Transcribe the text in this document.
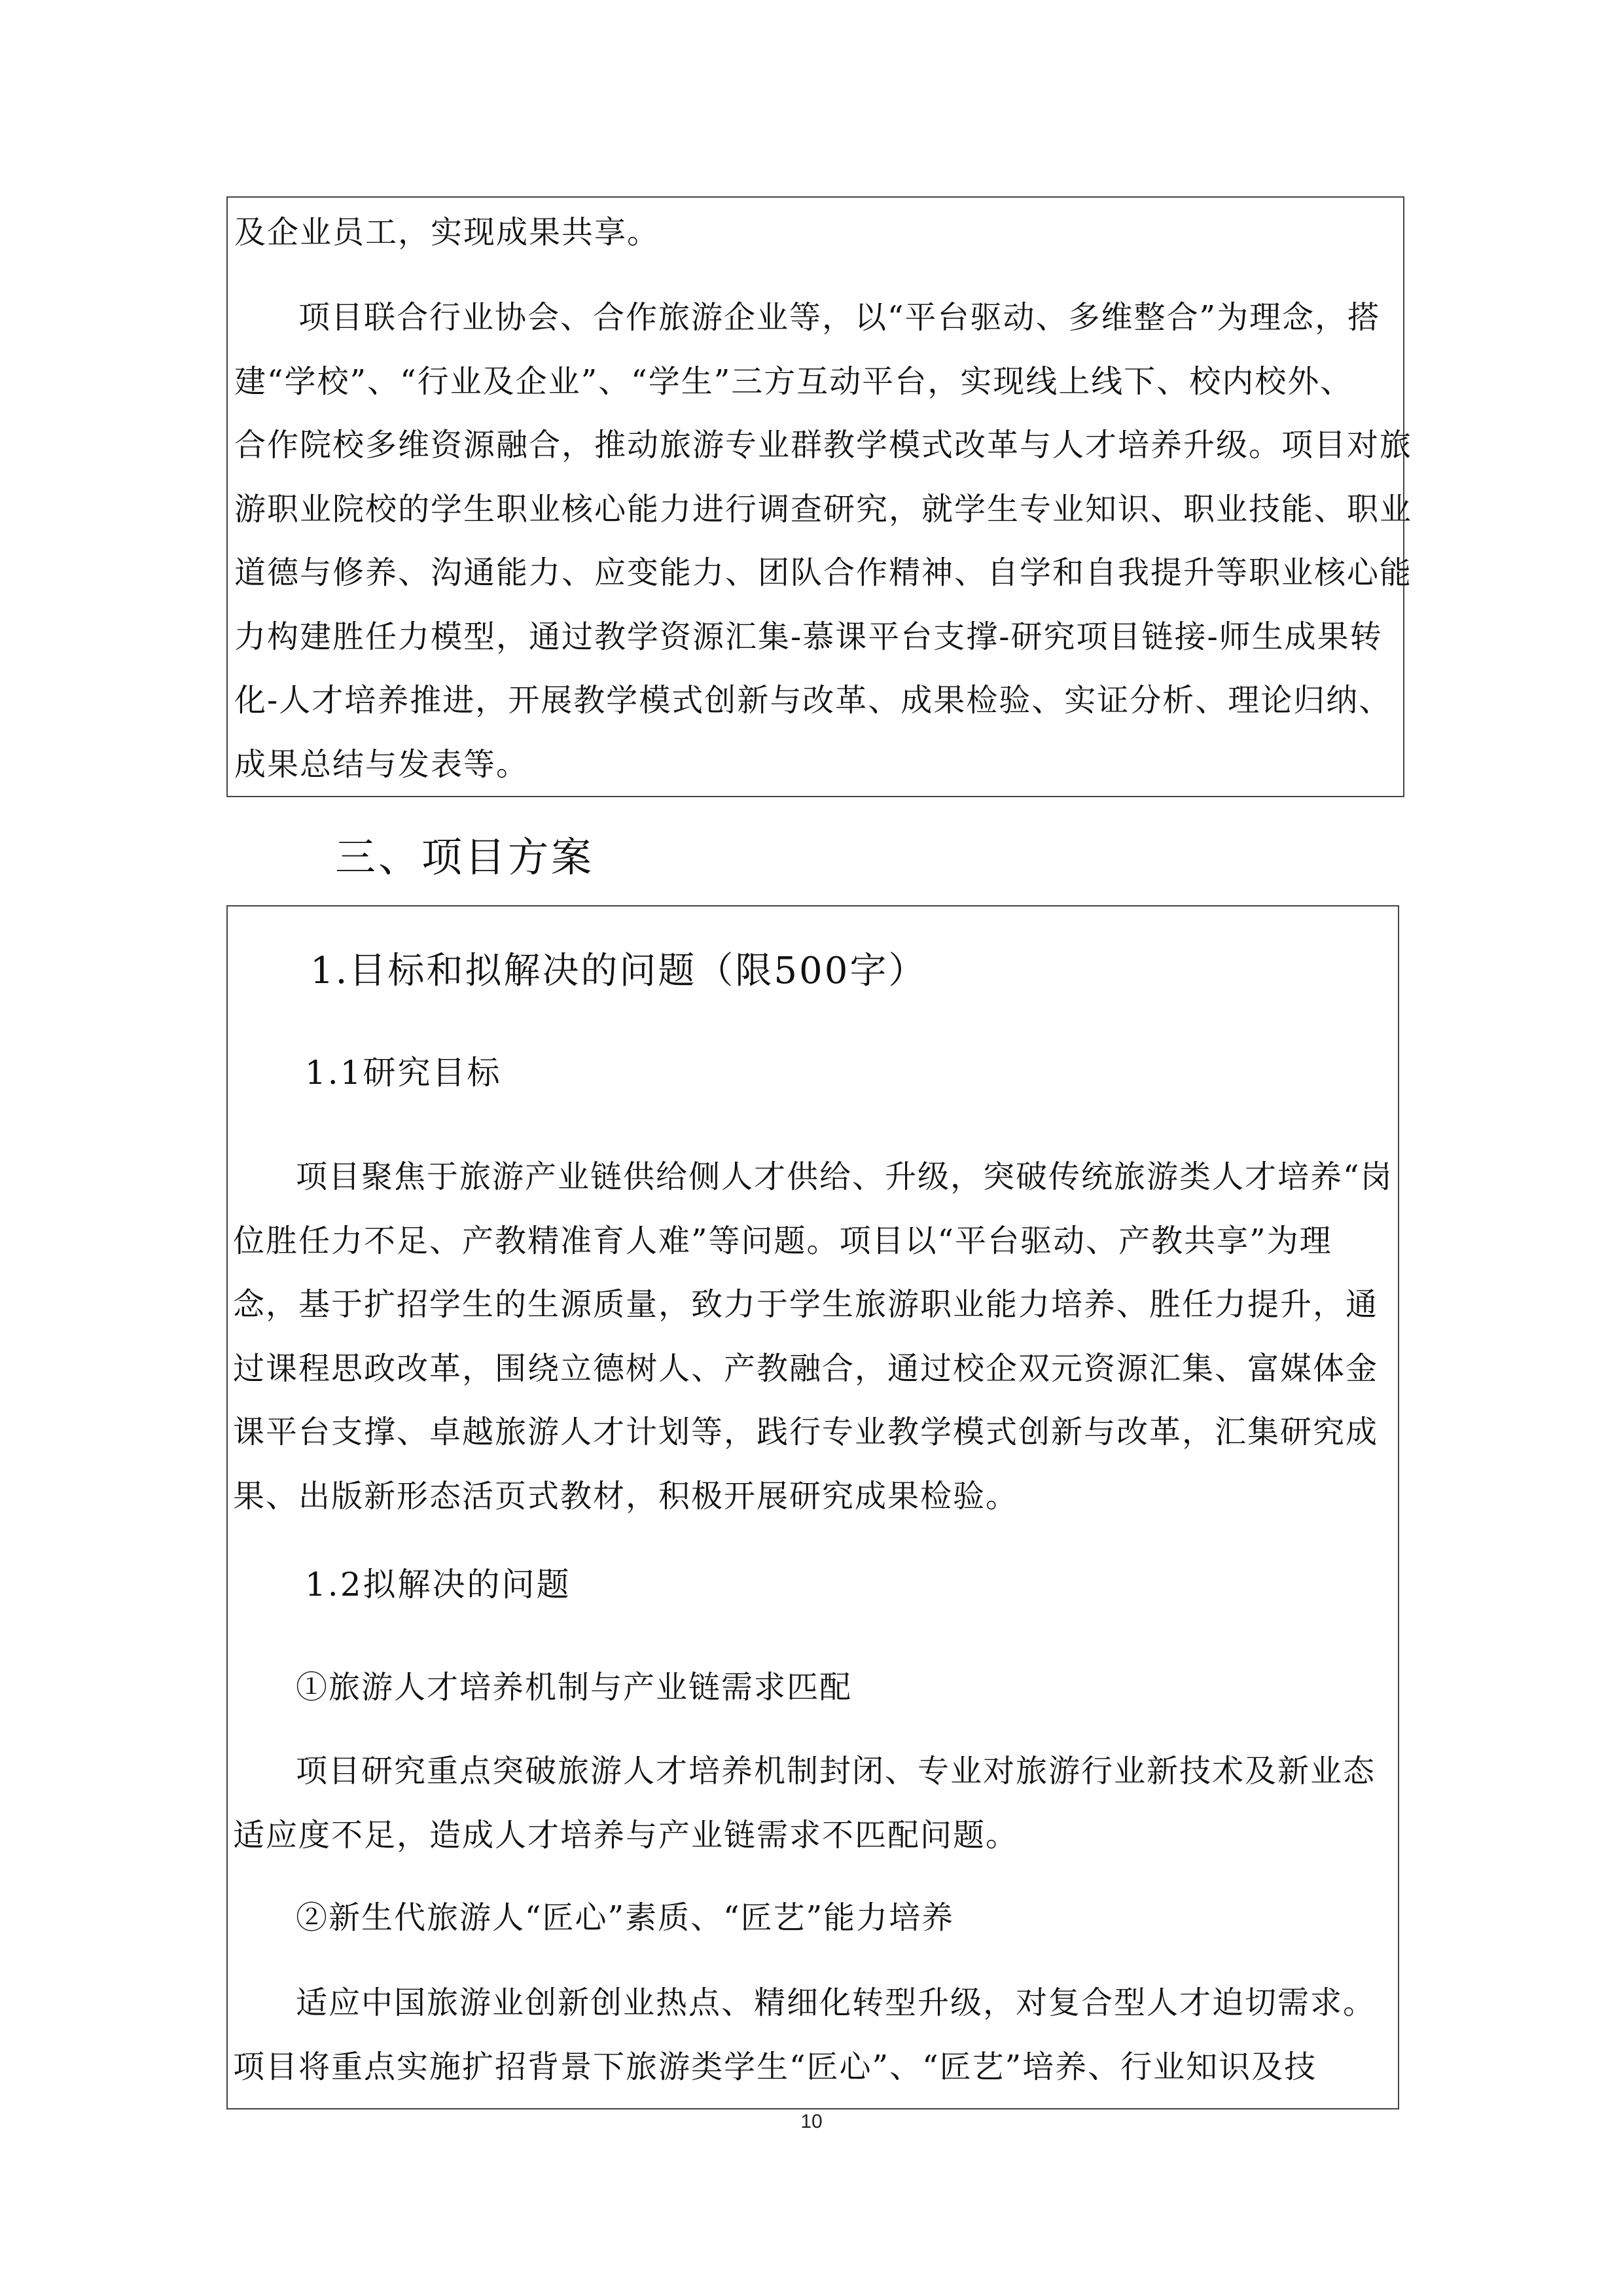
及企业员工，实现成果共享。
项目联合行业协会、合作旅游企业等，以“平台驱动、多维整合”为理念，搭
建“学校”、“行业及企业”、“学生”三方互动平台，实现线上线下、校内校外、
合作院校多维资源融合，推动旅游专业群教学模式改革与人才培养升级。项目对旅
游职业院校的学生职业核心能力进行调查研究，就学生专业知识、职业技能、职业
道德与修养、沟通能力、应变能力、团队合作精神、自学和自我提升等职业核心能
力构建胜任力模型，通过教学资源汇集-慕课平台支撑-研究项目链接-师生成果转
化-人才培养推进，开展教学模式创新与改革、成果检验、实证分析、理论归纳、
成果总结与发表等。
三、项目方案
1.目标和拟解决的问题（限500字）
1.1研究目标
项目聚焦于旅游产业链供给侧人才供给、升级，突破传统旅游类人才培养“岗
位胜任力不足、产教精准育人难”等问题。项目以“平台驱动、产教共享”为理
念，基于扩招学生的生源质量，致力于学生旅游职业能力培养、胜任力提升，通
过课程思政改革，围绕立德树人、产教融合，通过校企双元资源汇集、富媒体金
课平台支撑、卓越旅游人才计划等，践行专业教学模式创新与改革，汇集研究成
果、出版新形态活页式教材，积极开展研究成果检验。
1.2拟解决的问题
①旅游人才培养机制与产业链需求匹配
项目研究重点突破旅游人才培养机制封闭、专业对旅游行业新技术及新业态
适应度不足，造成人才培养与产业链需求不匹配问题。
②新生代旅游人“匠心”素质、“匠艺”能力培养
适应中国旅游业创新创业热点、精细化转型升级，对复合型人才迫切需求。
项目将重点实施扩招背景下旅游类学生“匠心”、“匠艺”培养、行业知识及技
10
